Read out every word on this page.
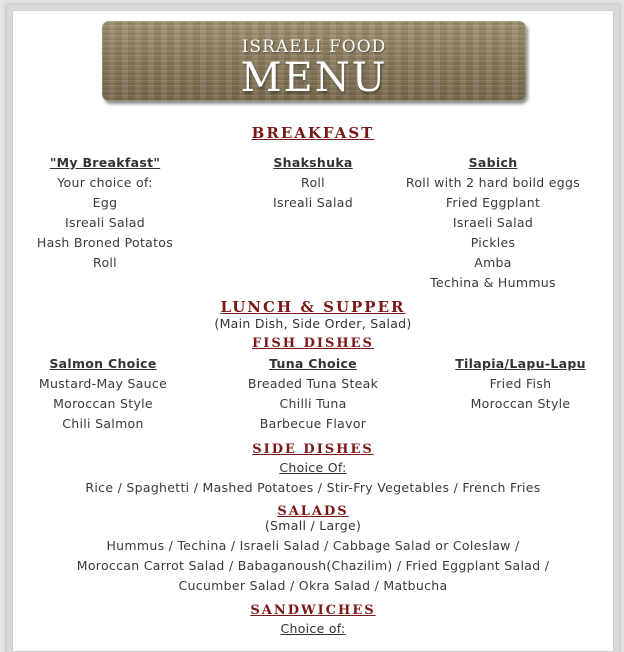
ISRAELI FOOD
MENU
BREAKFAST
"My Breakfast"
Your choice of:
Egg
Isreali Salad
Hash Broned Potatos
Roll
Shakshuka
Roll
Isreali Salad
Sabich
Roll with 2 hard boild eggs
Fried Eggplant
Israeli Salad
Pickles
Amba
Techina & Hummus
LUNCH & SUPPER
(Main Dish, Side Order, Salad)
FISH DISHES
Salmon Choice
Mustard-May Sauce
Moroccan Style
Chili Salmon
Tuna Choice
Breaded Tuna Steak
Chilli Tuna
Barbecue Flavor
Tilapia/Lapu-Lapu
Fried Fish
Moroccan Style
SIDE DISHES
Choice Of:
Rice / Spaghetti / Mashed Potatoes / Stir-Fry Vegetables / French Fries
SALADS
(Small / Large)
Hummus / Techina / Israeli Salad / Cabbage Salad or Coleslaw /
Moroccan Carrot Salad / Babaganoush(Chazilim) / Fried Eggplant Salad /
Cucumber Salad / Okra Salad / Matbucha
SANDWICHES
Choice of:
